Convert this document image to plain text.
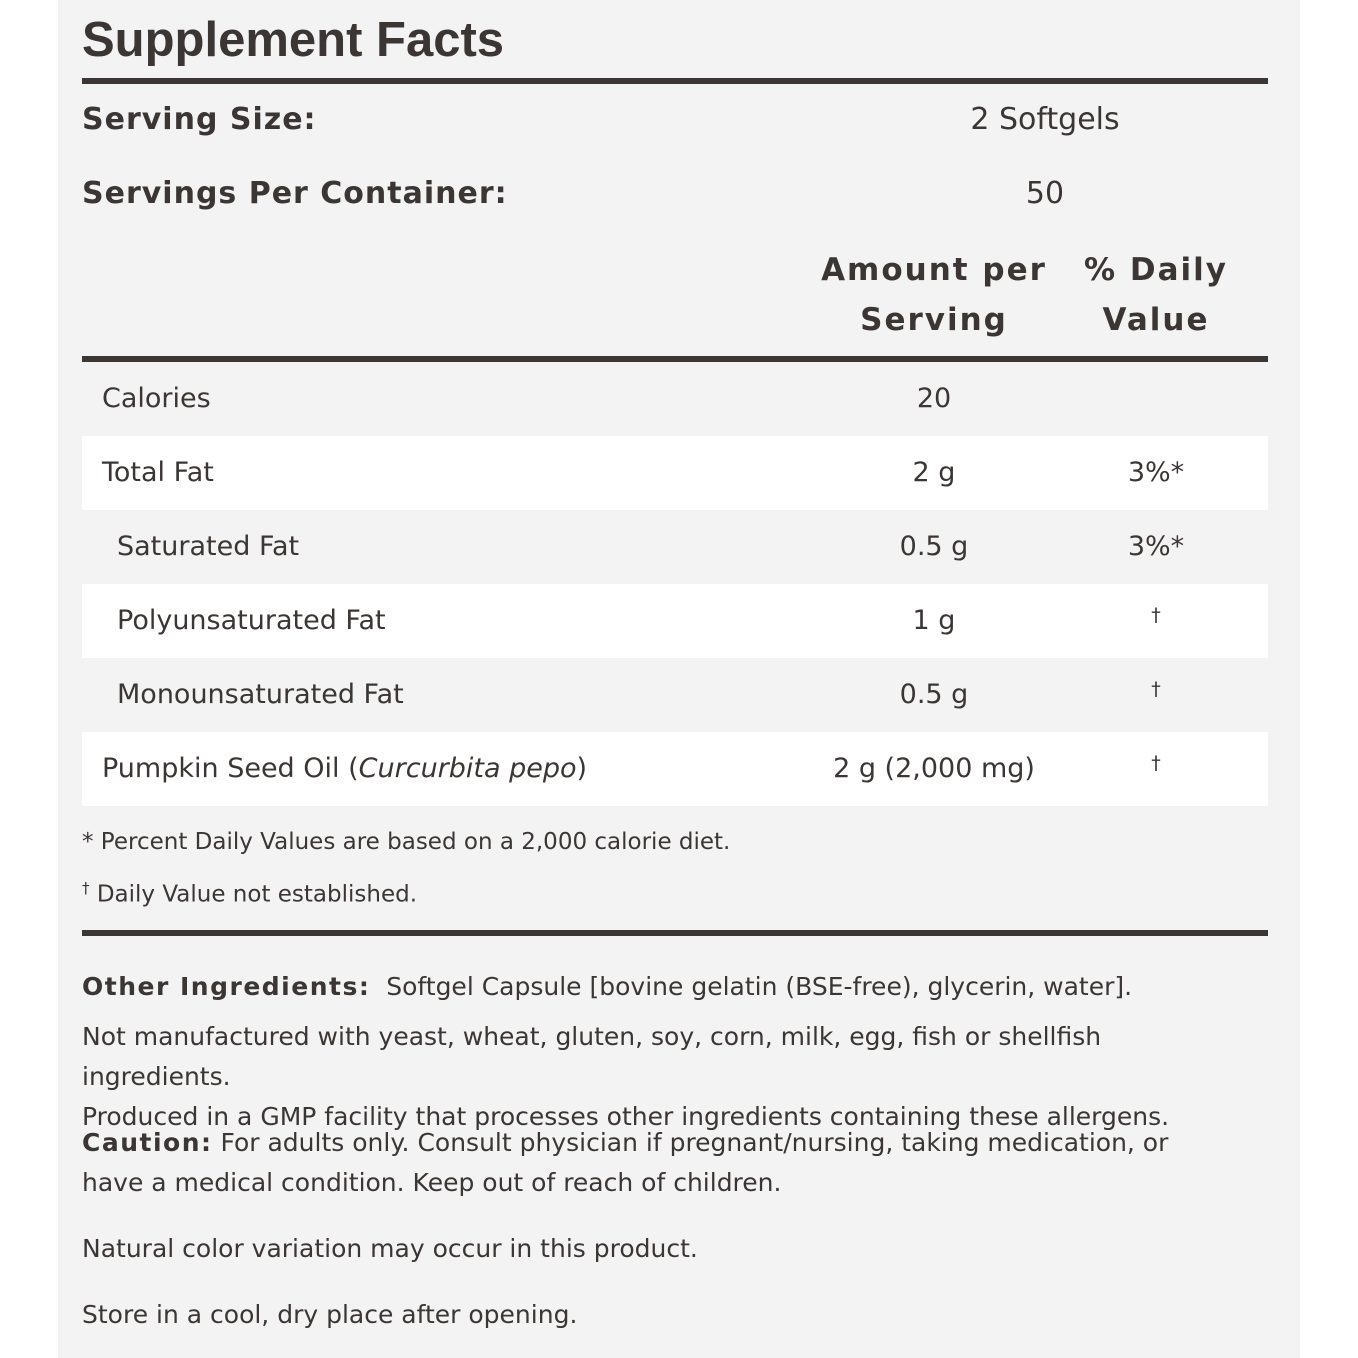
Supplement Facts
Serving Size:	2 Softgels
Servings Per Container:	50
Amount per
Serving
% Daily
Value
Calories	20
Total Fat	2 g	3%*
Saturated Fat	0.5 g	3%*
Polyunsaturated Fat	1 g	†
Monounsaturated Fat	0.5 g	†
Pumpkin Seed Oil (Curcurbita pepo)	2 g (2,000 mg)	†
* Percent Daily Values are based on a 2,000 calorie diet.
† Daily Value not established.
Other Ingredients: Softgel Capsule [bovine gelatin (BSE-free), glycerin, water].
Not manufactured with yeast, wheat, gluten, soy, corn, milk, egg, fish or shellfish ingredients.
Produced in a GMP facility that processes other ingredients containing these allergens.
Caution: For adults only. Consult physician if pregnant/nursing, taking medication, or have a medical condition. Keep out of reach of children.
Natural color variation may occur in this product.
Store in a cool, dry place after opening.
